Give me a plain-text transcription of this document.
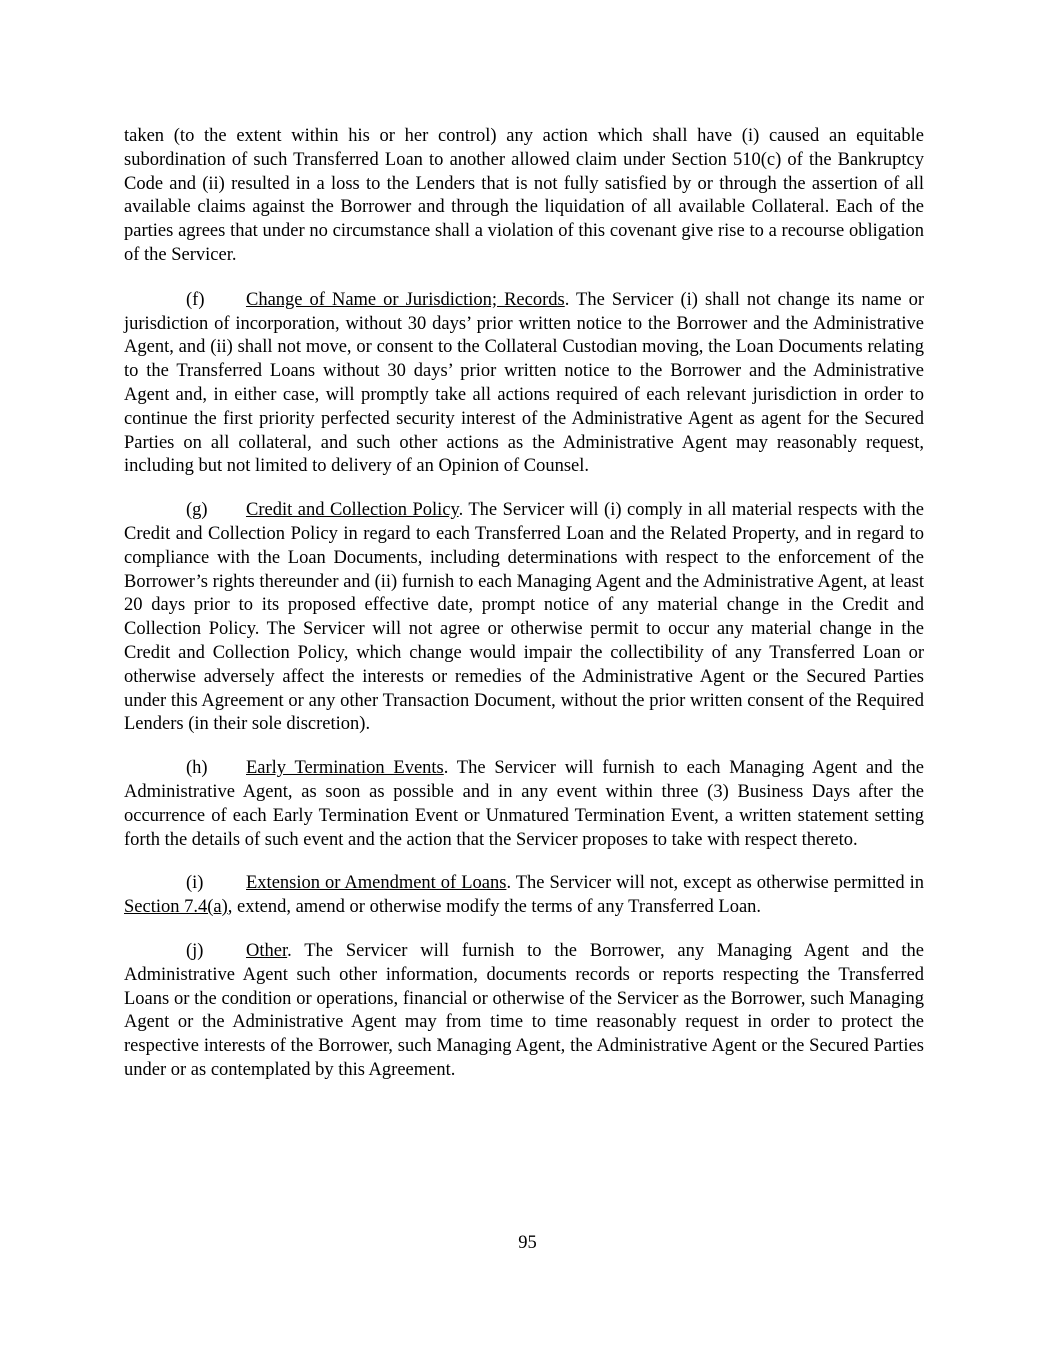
taken (to the extent within his or her control) any action which shall have (i) caused an equitable subordination of such Transferred Loan to another allowed claim under Section 510(c) of the Bankruptcy Code and (ii) resulted in a loss to the Lenders that is not fully satisfied by or through the assertion of all available claims against the Borrower and through the liquidation of all available Collateral. Each of the parties agrees that under no circumstance shall a violation of this covenant give rise to a recourse obligation of the Servicer.

(f) Change of Name or Jurisdiction; Records. The Servicer (i) shall not change its name or jurisdiction of incorporation, without 30 days’ prior written notice to the Borrower and the Administrative Agent, and (ii) shall not move, or consent to the Collateral Custodian moving, the Loan Documents relating to the Transferred Loans without 30 days’ prior written notice to the Borrower and the Administrative Agent and, in either case, will promptly take all actions required of each relevant jurisdiction in order to continue the first priority perfected security interest of the Administrative Agent as agent for the Secured Parties on all collateral, and such other actions as the Administrative Agent may reasonably request, including but not limited to delivery of an Opinion of Counsel.

(g) Credit and Collection Policy. The Servicer will (i) comply in all material respects with the Credit and Collection Policy in regard to each Transferred Loan and the Related Property, and in regard to compliance with the Loan Documents, including determinations with respect to the enforcement of the Borrower’s rights thereunder and (ii) furnish to each Managing Agent and the Administrative Agent, at least 20 days prior to its proposed effective date, prompt notice of any material change in the Credit and Collection Policy. The Servicer will not agree or otherwise permit to occur any material change in the Credit and Collection Policy, which change would impair the collectibility of any Transferred Loan or otherwise adversely affect the interests or remedies of the Administrative Agent or the Secured Parties under this Agreement or any other Transaction Document, without the prior written consent of the Required Lenders (in their sole discretion).

(h) Early Termination Events. The Servicer will furnish to each Managing Agent and the Administrative Agent, as soon as possible and in any event within three (3) Business Days after the occurrence of each Early Termination Event or Unmatured Termination Event, a written statement setting forth the details of such event and the action that the Servicer proposes to take with respect thereto.

(i) Extension or Amendment of Loans. The Servicer will not, except as otherwise permitted in Section 7.4(a), extend, amend or otherwise modify the terms of any Transferred Loan.

(j) Other. The Servicer will furnish to the Borrower, any Managing Agent and the Administrative Agent such other information, documents records or reports respecting the Transferred Loans or the condition or operations, financial or otherwise of the Servicer as the Borrower, such Managing Agent or the Administrative Agent may from time to time reasonably request in order to protect the respective interests of the Borrower, such Managing Agent, the Administrative Agent or the Secured Parties under or as contemplated by this Agreement.

95
